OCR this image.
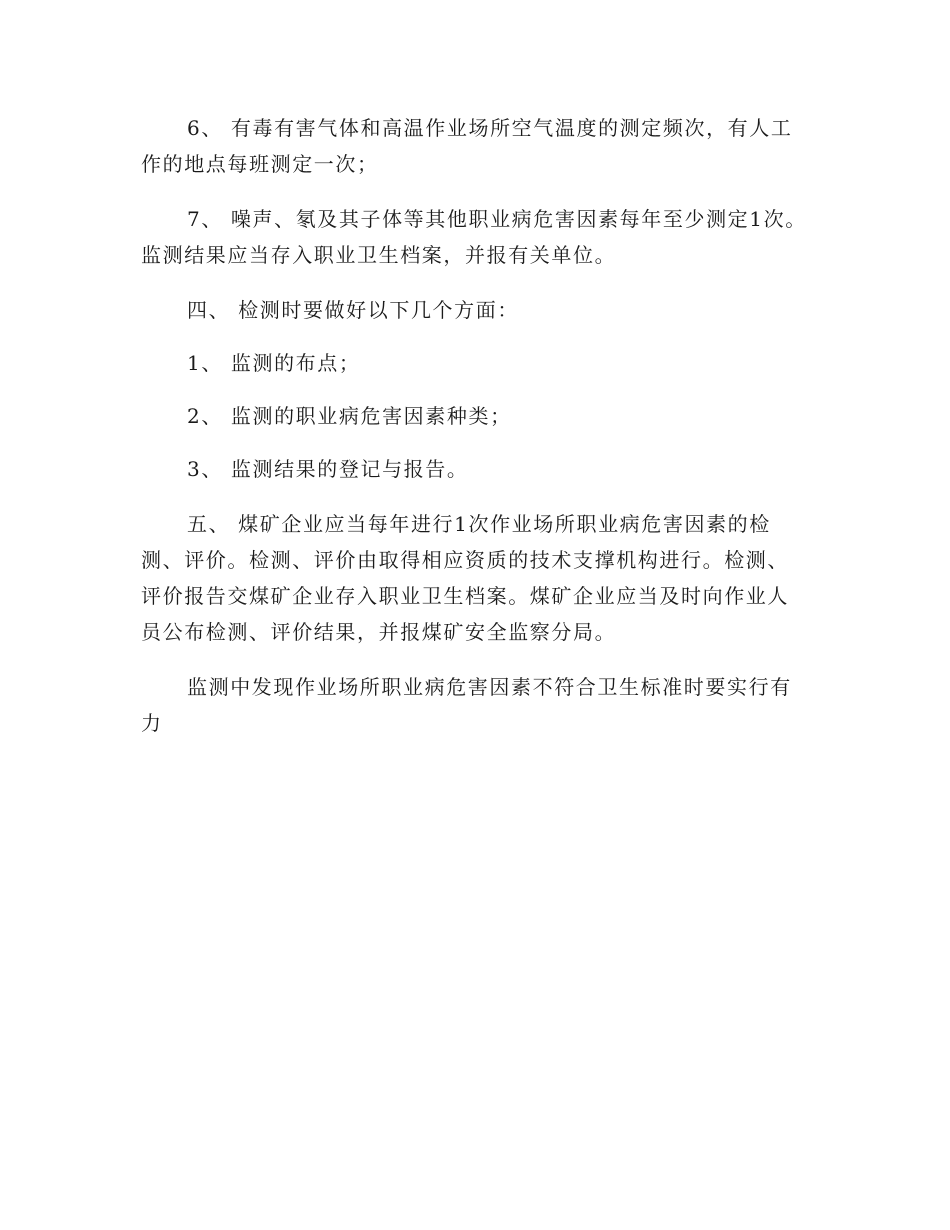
6、 有毒有害气体和高温作业场所空气温度的测定频次，有人工作的地点每班测定一次；

7、 噪声、氡及其子体等其他职业病危害因素每年至少测定1次。监测结果应当存入职业卫生档案，并报有关单位。

四、 检测时要做好以下几个方面：

1、 监测的布点；

2、 监测的职业病危害因素种类；

3、 监测结果的登记与报告。

五、 煤矿企业应当每年进行1次作业场所职业病危害因素的检测、评价。检测、评价由取得相应资质的技术支撑机构进行。检测、评价报告交煤矿企业存入职业卫生档案。煤矿企业应当及时向作业人员公布检测、评价结果，并报煤矿安全监察分局。

监测中发现作业场所职业病危害因素不符合卫生标准时要实行有力
